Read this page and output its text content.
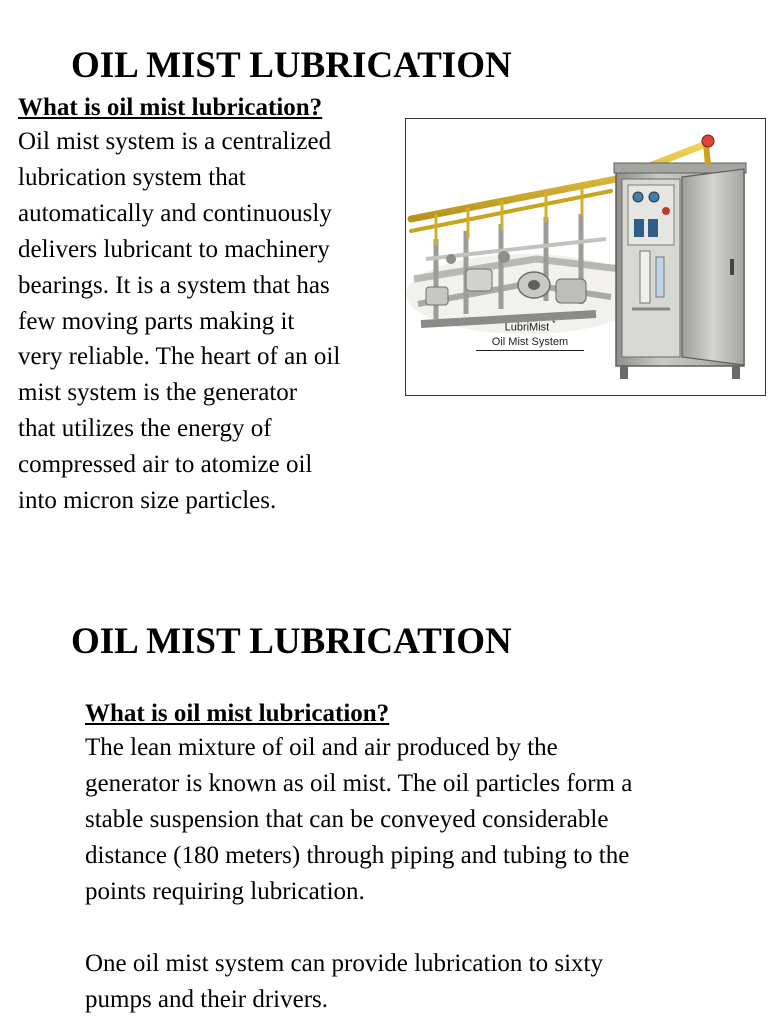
OIL MIST LUBRICATION
What is oil mist lubrication?

Oil mist system is a centralized
lubrication system that
automatically and continuously
delivers lubricant to machinery
bearings. It is a system that has
few moving parts making it
very reliable. The heart of an oil
mist system is the generator
that utilizes the energy of
compressed air to atomize oil
into micron size particles.

LubriMist *
Oil Mist System
OIL MIST LUBRICATION
What is oil mist lubrication?

The lean mixture of oil and air produced by the
generator is known as oil mist. The oil particles form a
stable suspension that can be conveyed considerable
distance (180 meters) through piping and tubing to the
points requiring lubrication.

One oil mist system can provide lubrication to sixty
pumps and their drivers.
